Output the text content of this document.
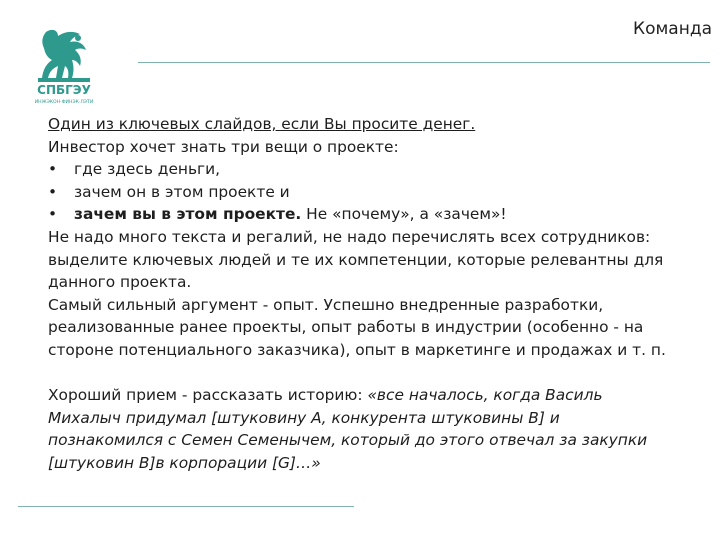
СПБГЭУ
ИНЖЭКОН·ФИНЭК·ЛЭТИ
Команда

Один из ключевых слайдов, если Вы просите денег.

Инвестор хочет знать три вещи о проекте:

•	где здесь деньги,
•	зачем он в этом проекте и
•	зачем вы в этом проекте. Не «почему», а «зачем»!

Не надо много текста и регалий, не надо перечислять всех сотрудников:

выделите ключевых людей и те их компетенции, которые релевантны для

данного проекта.

Самый сильный аргумент - опыт. Успешно внедренные разработки,

реализованные ранее проекты, опыт работы в индустрии (особенно - на

стороне потенциального заказчика), опыт в маркетинге и продажах и т. п.

Хороший прием - рассказать историю: «все началось, когда Василь

Михалыч придумал [штуковину А, конкурента штуковины В] и

познакомился с Семен Семенычем, который до этого отвечал за закупки

[штуковин В]в корпорации [G]…»
